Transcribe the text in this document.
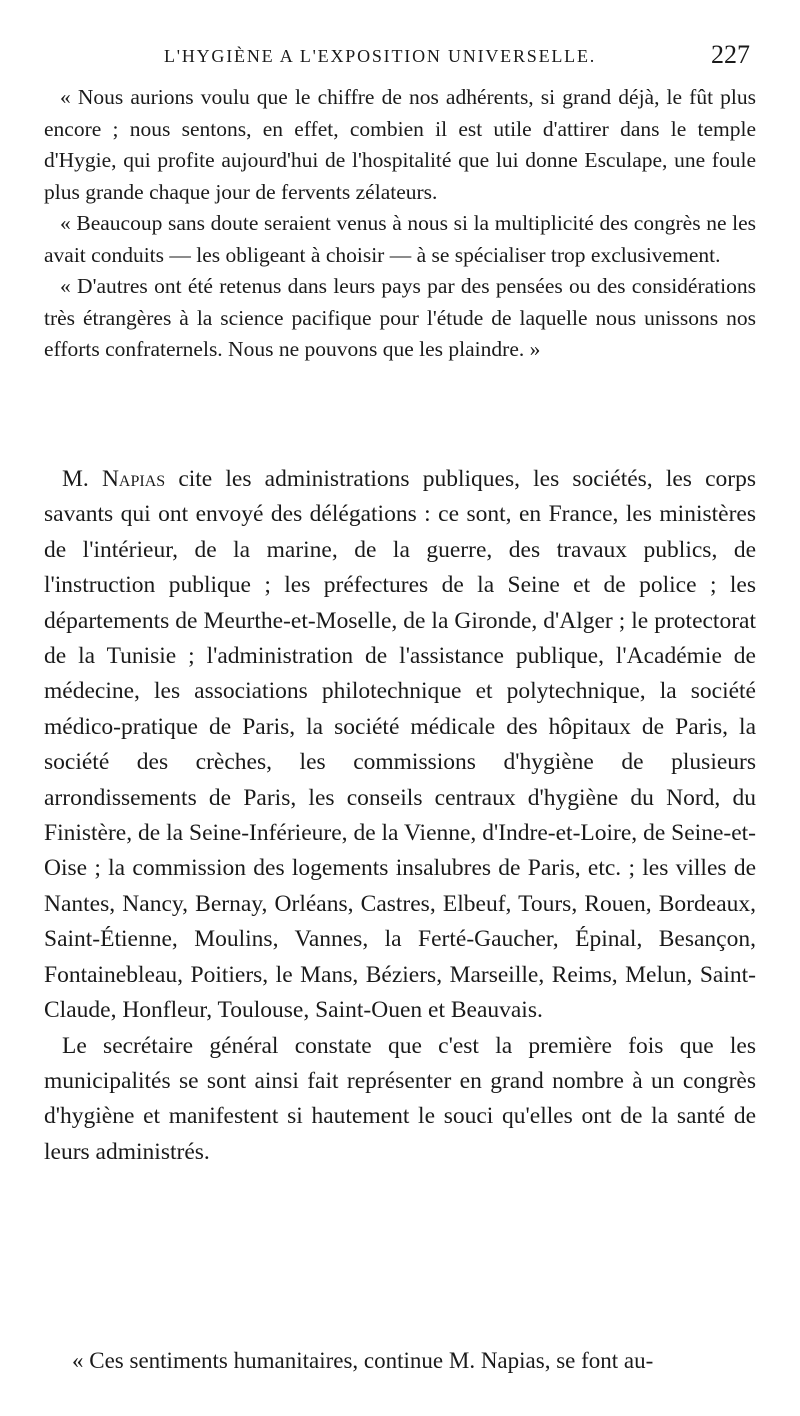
L'HYGIÈNE A L'EXPOSITION UNIVERSELLE.	227

« Nous aurions voulu que le chiffre de nos adhérents, si grand déjà, le fût plus encore ; nous sentons, en effet, combien il est utile d'attirer dans le temple d'Hygie, qui profite aujourd'hui de l'hospitalité que lui donne Esculape, une foule plus grande chaque jour de fervents zélateurs.

« Beaucoup sans doute seraient venus à nous si la multiplicité des congrès ne les avait conduits — les obligeant à choisir — à se spécialiser trop exclusivement.

« D'autres ont été retenus dans leurs pays par des pensées ou des considérations très étrangères à la science pacifique pour l'étude de laquelle nous unissons nos efforts confraternels. Nous ne pouvons que les plaindre. »

M. Napias cite les administrations publiques, les sociétés, les corps savants qui ont envoyé des délégations : ce sont, en France, les ministères de l'intérieur, de la marine, de la guerre, des travaux publics, de l'instruction publique ; les préfectures de la Seine et de police ; les départements de Meurthe-et-Moselle, de la Gironde, d'Alger ; le protectorat de la Tunisie ; l'administration de l'assistance publique, l'Académie de médecine, les associations philotechnique et polytechnique, la société médico-pratique de Paris, la société médicale des hôpitaux de Paris, la société des crèches, les commissions d'hygiène de plusieurs arrondissements de Paris, les conseils centraux d'hygiène du Nord, du Finistère, de la Seine-Inférieure, de la Vienne, d'Indre-et-Loire, de Seine-et-Oise ; la commission des logements insalubres de Paris, etc. ; les villes de Nantes, Nancy, Bernay, Orléans, Castres, Elbeuf, Tours, Rouen, Bordeaux, Saint-Étienne, Moulins, Vannes, la Ferté-Gaucher, Épinal, Besançon, Fontainebleau, Poitiers, le Mans, Béziers, Marseille, Reims, Melun, Saint-Claude, Honfleur, Toulouse, Saint-Ouen et Beauvais.

Le secrétaire général constate que c'est la première fois que les municipalités se sont ainsi fait représenter en grand nombre à un congrès d'hygiène et manifestent si hautement le souci qu'elles ont de la santé de leurs administrés.

« Ces sentiments humanitaires, continue M. Napias, se font au-
